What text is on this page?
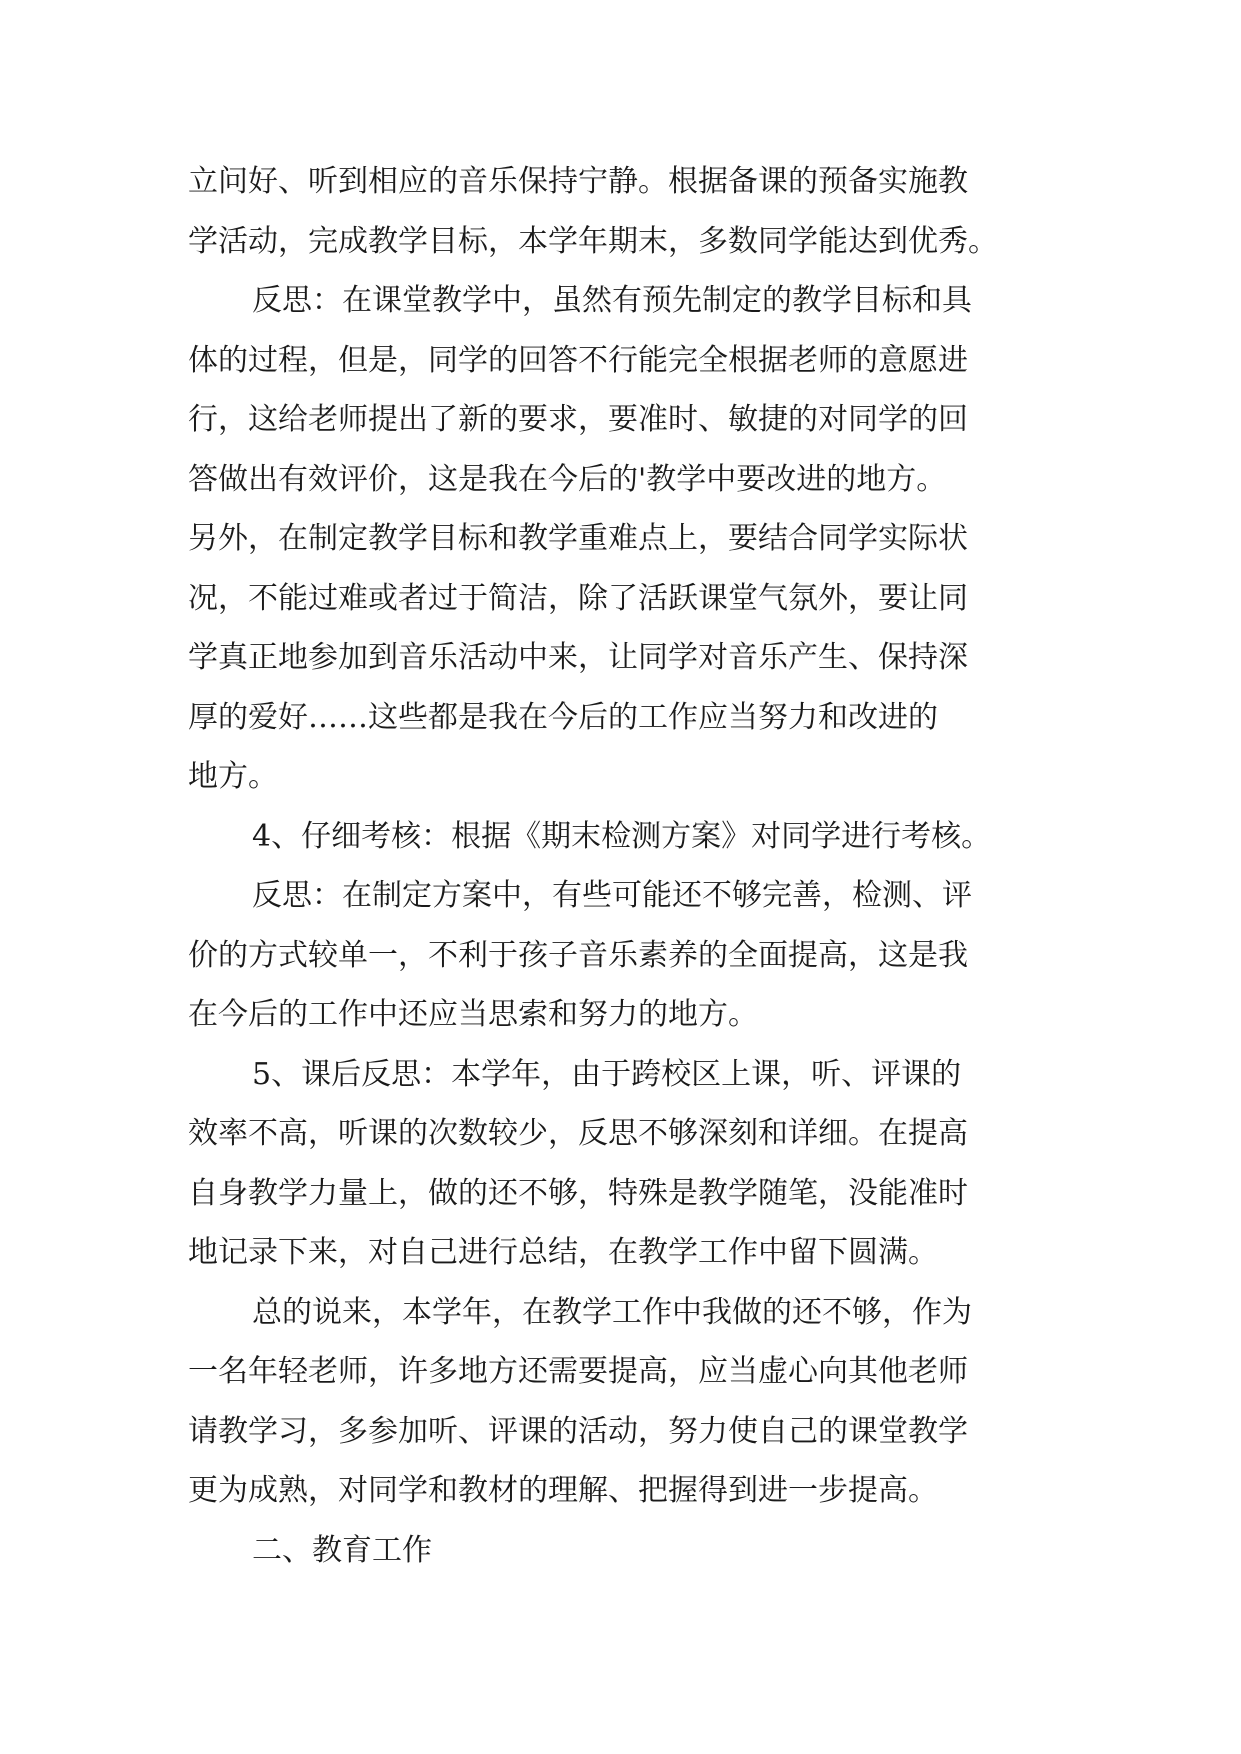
立问好、听到相应的音乐保持宁静。根据备课的预备实施教
学活动，完成教学目标，本学年期末，多数同学能达到优秀。
反思：在课堂教学中，虽然有预先制定的教学目标和具
体的过程，但是，同学的回答不行能完全根据老师的意愿进
行，这给老师提出了新的要求，要准时、敏捷的对同学的回
答做出有效评价，这是我在今后的'教学中要改进的地方。
另外，在制定教学目标和教学重难点上，要结合同学实际状
况，不能过难或者过于简洁，除了活跃课堂气氛外，要让同
学真正地参加到音乐活动中来，让同学对音乐产生、保持深
厚的爱好……这些都是我在今后的工作应当努力和改进的
地方。
4、仔细考核：根据《期末检测方案》对同学进行考核。
反思：在制定方案中，有些可能还不够完善，检测、评
价的方式较单一，不利于孩子音乐素养的全面提高，这是我
在今后的工作中还应当思索和努力的地方。
5、课后反思：本学年，由于跨校区上课，听、评课的
效率不高，听课的次数较少，反思不够深刻和详细。在提高
自身教学力量上，做的还不够，特殊是教学随笔，没能准时
地记录下来，对自己进行总结，在教学工作中留下圆满。
总的说来，本学年，在教学工作中我做的还不够，作为
一名年轻老师，许多地方还需要提高，应当虚心向其他老师
请教学习，多参加听、评课的活动，努力使自己的课堂教学
更为成熟，对同学和教材的理解、把握得到进一步提高。
二、教育工作
